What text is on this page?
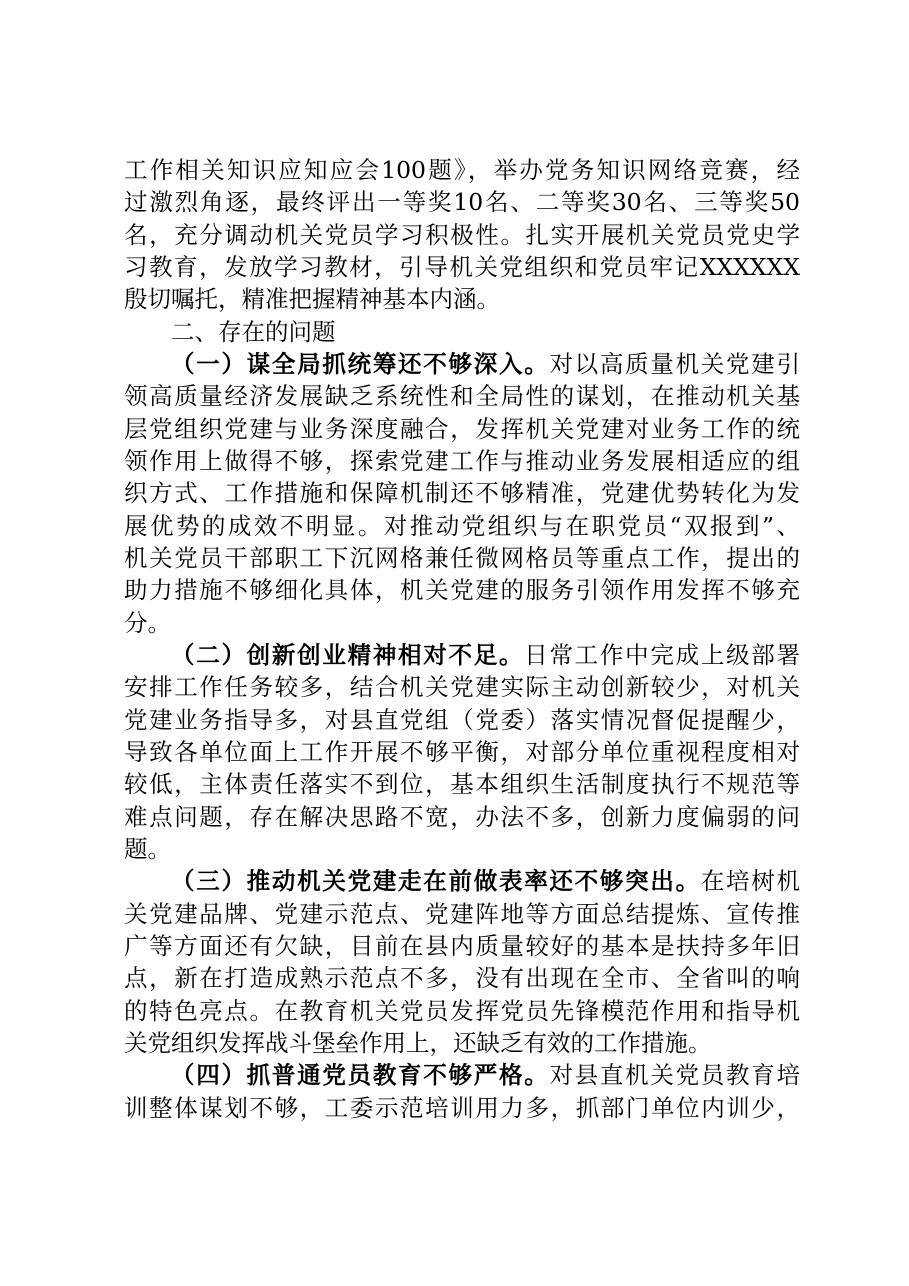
工作相关知识应知应会100题》，举办党务知识网络竞赛，经
过激烈角逐，最终评出一等奖10名、二等奖30名、三等奖50
名，充分调动机关党员学习积极性。扎实开展机关党员党史学
习教育，发放学习教材，引导机关党组织和党员牢记XXXXXX
殷切嘱托，精准把握精神基本内涵。
二、存在的问题
（一）谋全局抓统筹还不够深入。对以高质量机关党建引
领高质量经济发展缺乏系统性和全局性的谋划，在推动机关基
层党组织党建与业务深度融合，发挥机关党建对业务工作的统
领作用上做得不够，探索党建工作与推动业务发展相适应的组
织方式、工作措施和保障机制还不够精准，党建优势转化为发
展优势的成效不明显。对推动党组织与在职党员“双报到”、
机关党员干部职工下沉网格兼任微网格员等重点工作，提出的
助力措施不够细化具体，机关党建的服务引领作用发挥不够充
分。
（二）创新创业精神相对不足。日常工作中完成上级部署
安排工作任务较多，结合机关党建实际主动创新较少，对机关
党建业务指导多，对县直党组（党委）落实情况督促提醒少，
导致各单位面上工作开展不够平衡，对部分单位重视程度相对
较低，主体责任落实不到位，基本组织生活制度执行不规范等
难点问题，存在解决思路不宽，办法不多，创新力度偏弱的问
题。
（三）推动机关党建走在前做表率还不够突出。在培树机
关党建品牌、党建示范点、党建阵地等方面总结提炼、宣传推
广等方面还有欠缺，目前在县内质量较好的基本是扶持多年旧
点，新在打造成熟示范点不多，没有出现在全市、全省叫的响
的特色亮点。在教育机关党员发挥党员先锋模范作用和指导机
关党组织发挥战斗堡垒作用上，还缺乏有效的工作措施。
（四）抓普通党员教育不够严格。对县直机关党员教育培
训整体谋划不够，工委示范培训用力多，抓部门单位内训少，
